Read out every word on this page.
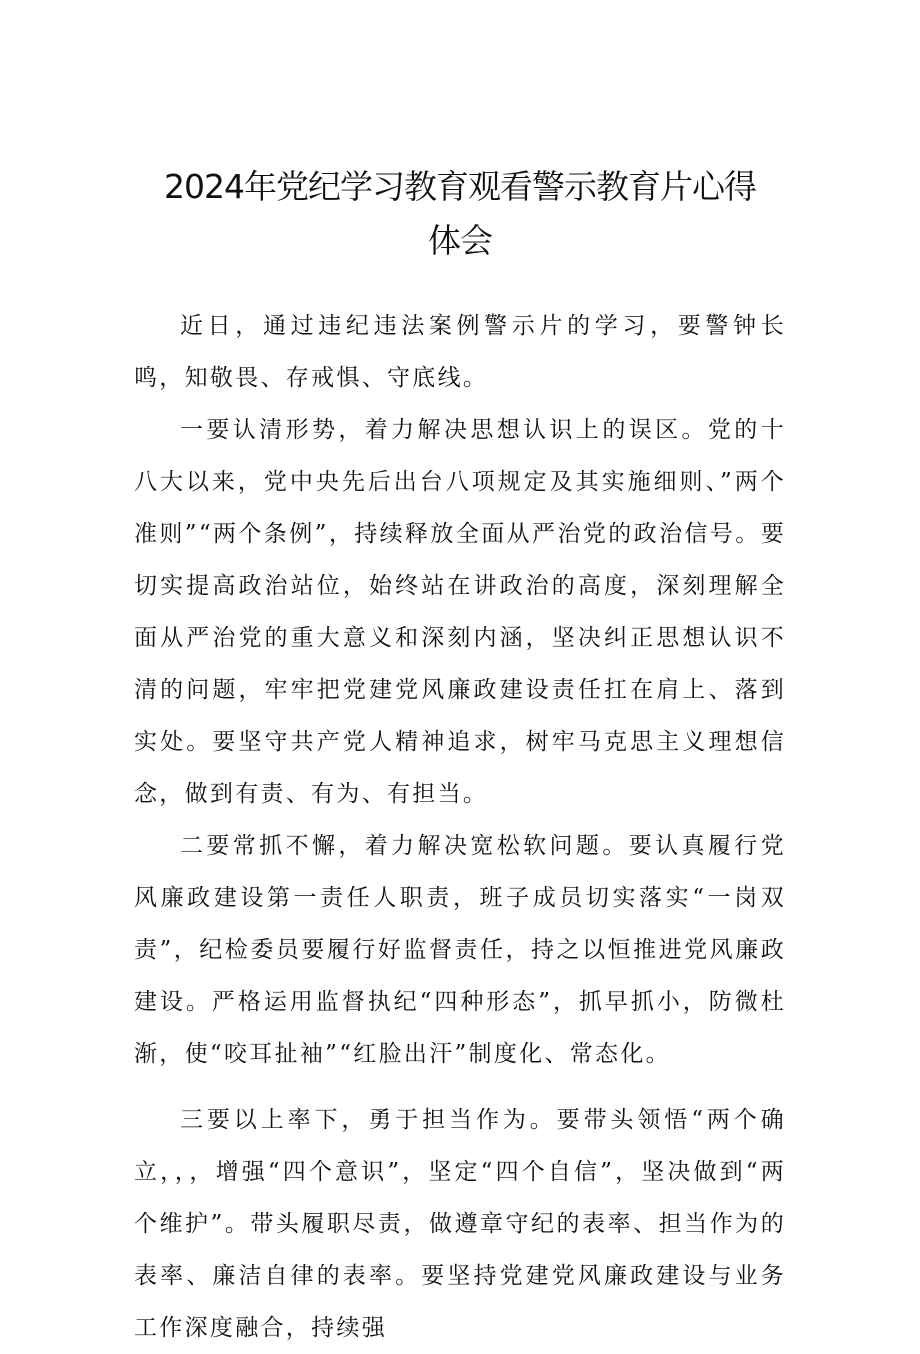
2024年党纪学习教育观看警示教育片心得
体会

近日，通过违纪违法案例警示片的学习，要警钟长鸣，知敬畏、存戒惧、守底线。

一要认清形势，着力解决思想认识上的误区。党的十八大以来，党中央先后出台八项规定及其实施细则、”两个准则”“两个条例”，持续释放全面从严治党的政治信号。要切实提高政治站位，始终站在讲政治的高度，深刻理解全面从严治党的重大意义和深刻内涵，坚决纠正思想认识不清的问题，牢牢把党建党风廉政建设责任扛在肩上、落到实处。要坚守共产党人精神追求，树牢马克思主义理想信念，做到有责、有为、有担当。

二要常抓不懈，着力解决宽松软问题。要认真履行党风廉政建设第一责任人职责，班子成员切实落实“一岗双责”，纪检委员要履行好监督责任，持之以恒推进党风廉政建设。严格运用监督执纪“四种形态”，抓早抓小，防微杜渐，使“咬耳扯袖”“红脸出汗”制度化、常态化。

三要以上率下，勇于担当作为。要带头领悟“两个确立，，，增强“四个意识”，坚定“四个自信”，坚决做到“两个维护”。带头履职尽责，做遵章守纪的表率、担当作为的表率、廉洁自律的表率。要坚持党建党风廉政建设与业务工作深度融合，持续强
